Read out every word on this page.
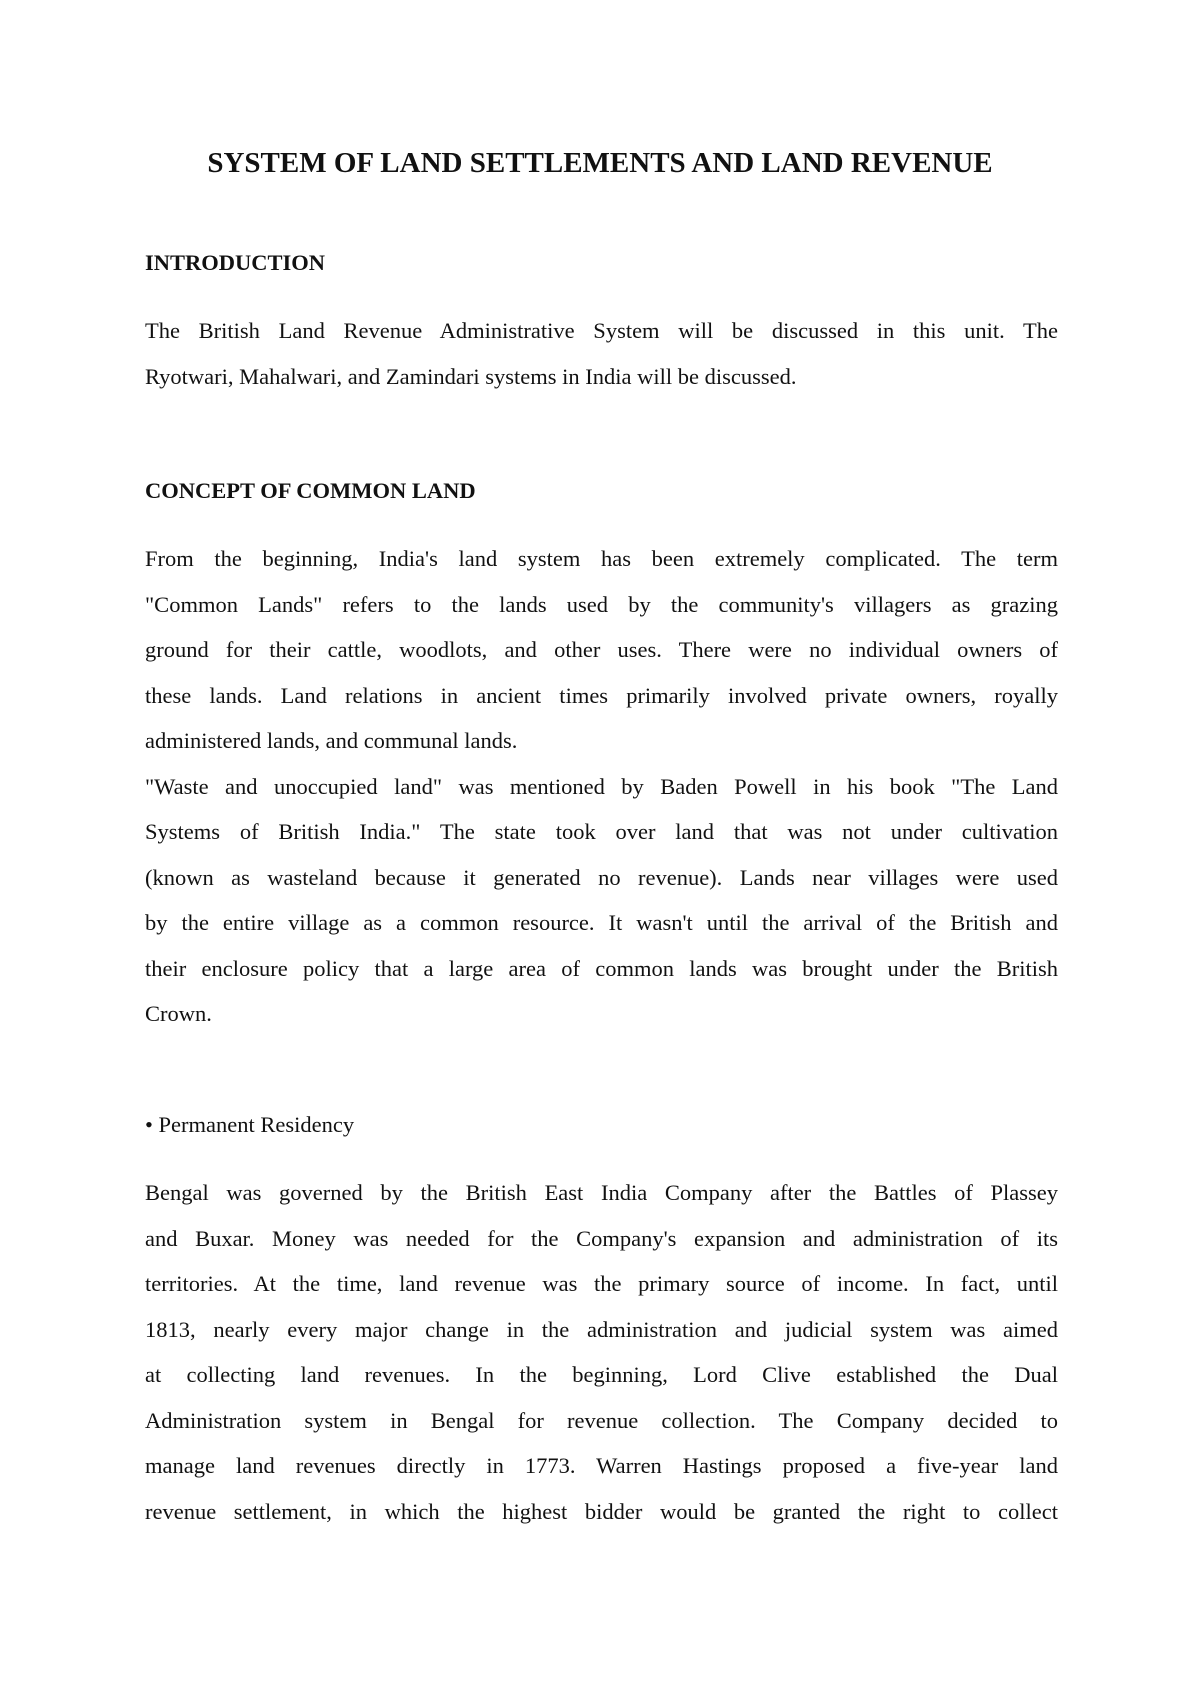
SYSTEM OF LAND SETTLEMENTS AND LAND REVENUE
INTRODUCTION
The British Land Revenue Administrative System will be discussed in this unit. The
Ryotwari, Mahalwari, and Zamindari systems in India will be discussed.
CONCEPT OF COMMON LAND
From the beginning, India's land system has been extremely complicated. The term
"Common Lands" refers to the lands used by the community's villagers as grazing
ground for their cattle, woodlots, and other uses. There were no individual owners of
these lands. Land relations in ancient times primarily involved private owners, royally
administered lands, and communal lands.
"Waste and unoccupied land" was mentioned by Baden Powell in his book "The Land
Systems of British India." The state took over land that was not under cultivation
(known as wasteland because it generated no revenue). Lands near villages were used
by the entire village as a common resource. It wasn't until the arrival of the British and
their enclosure policy that a large area of common lands was brought under the British
Crown.
• Permanent Residency
Bengal was governed by the British East India Company after the Battles of Plassey
and Buxar. Money was needed for the Company's expansion and administration of its
territories. At the time, land revenue was the primary source of income. In fact, until
1813, nearly every major change in the administration and judicial system was aimed
at collecting land revenues. In the beginning, Lord Clive established the Dual
Administration system in Bengal for revenue collection. The Company decided to
manage land revenues directly in 1773. Warren Hastings proposed a five-year land
revenue settlement, in which the highest bidder would be granted the right to collect
